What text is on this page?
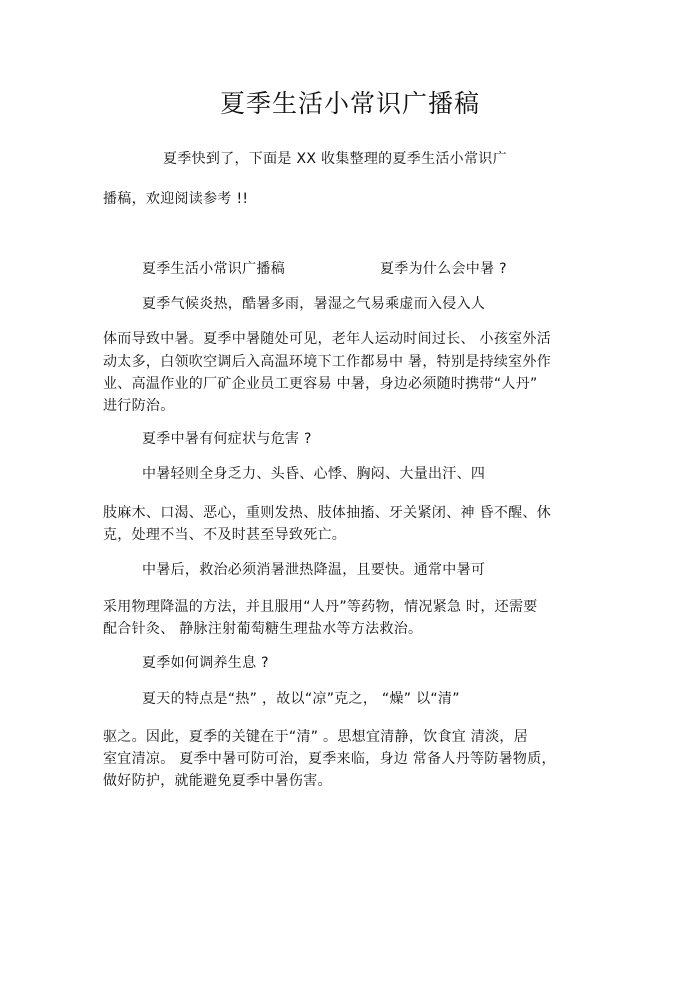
夏季生活小常识广播稿
夏季快到了，下面是 XX 收集整理的夏季生活小常识广
播稿，欢迎阅读参考 !!
夏季生活小常识广播稿	夏季为什么会中暑 ?
夏季气候炎热，酷暑多雨，暑湿之气易乘虚而入侵入人
体而导致中暑。夏季中暑随处可见，老年人运动时间过长、 小孩室外活
动太多，白领吹空调后入高温环境下工作都易中 暑，特别是持续室外作
业、高温作业的厂矿企业员工更容易 中暑，身边必须随时携带“人丹”
进行防治。
夏季中暑有何症状与危害 ?
中暑轻则全身乏力、头昏、心悸、胸闷、大量出汗、四
肢麻木、口渴、恶心，重则发热、肢体抽搐、牙关紧闭、神 昏不醒、休
克，处理不当、不及时甚至导致死亡。
中暑后，救治必须消暑泄热降温，且要快。通常中暑可
采用物理降温的方法，并且服用“人丹”等药物，情况紧急 时，还需要
配合针灸、 静脉注射葡萄糖生理盐水等方法救治。
夏季如何调养生息 ?
夏天的特点是“热” ，故以“凉”克之， “燥” 以“清”
驱之。因此，夏季的关键在于“清” 。思想宜清静，饮食宜 清淡，居
室宜清凉。 夏季中暑可防可治，夏季来临，身边 常备人丹等防暑物质，
做好防护，就能避免夏季中暑伤害。
